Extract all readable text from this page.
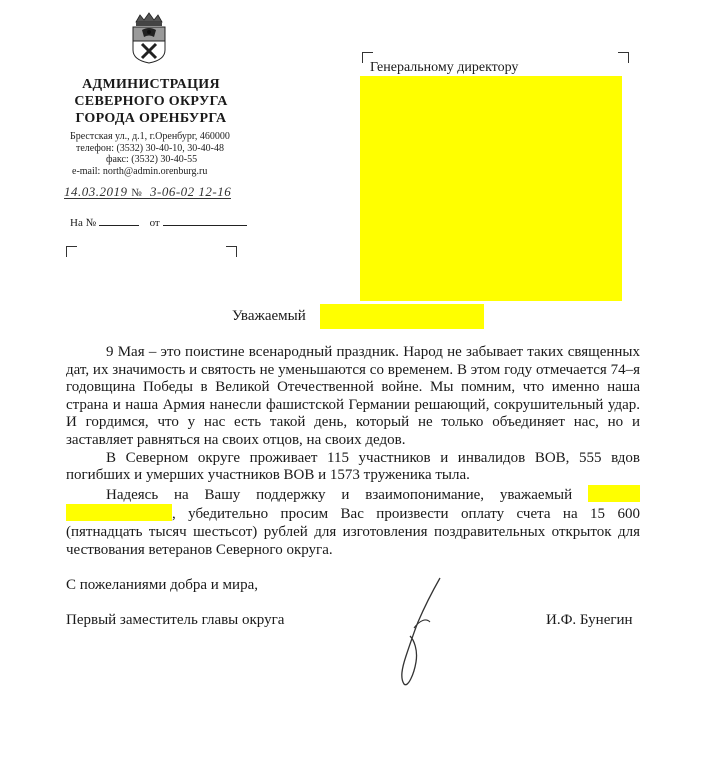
АДМИНИСТРАЦИЯ
СЕВЕРНОГО ОКРУГА
ГОРОДА ОРЕНБУРГА
Брестская ул., д.1, г.Оренбург, 460000
телефон: (3532) 30-40-10, 30-40-48
факс: (3532) 30-40-55
e-mail: north@admin.orenburg.ru
14.03.2019 № 3-06-02 12-16
На №	от
Генеральному директору
Уважаемый

9 Мая – это поистине всенародный праздник. Народ не забывает таких священных дат, их значимость и святость не уменьшаются со временем. В этом году отмечается 74–я годовщина Победы в Великой Отечественной войне. Мы помним, что именно наша страна и наша Армия нанесли фашистской Германии решающий, сокрушительный удар. И гордимся, что у нас есть такой день, который не только объединяет нас, но и заставляет равняться на своих отцов, на своих дедов.

В Северном округе проживает 115 участников и инвалидов ВОВ, 555 вдов погибших и умерших участников ВОВ и 1573 труженика тыла.

Надеясь на Вашу поддержку и взаимопонимание, уважаемый  , убедительно просим Вас произвести оплату счета на 15 600 (пятнадцать тысяч шестьсот) рублей для изготовления поздравительных открыток для чествования ветеранов Северного округа.

С пожеланиями добра и мира,
Первый заместитель главы округа	И.Ф. Бунегин
